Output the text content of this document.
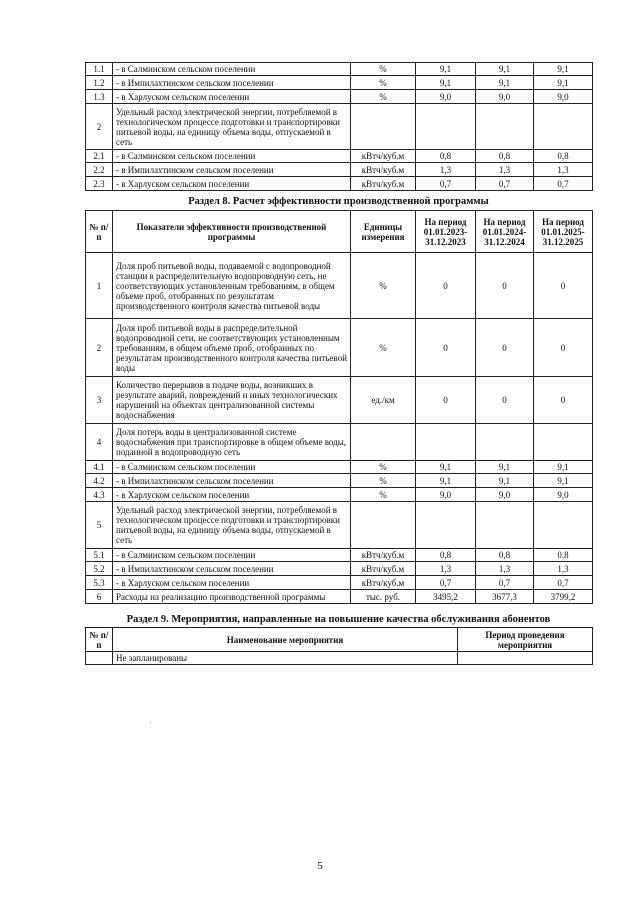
1.1	- в Салминском сельском поселении	%	9,1	9,1	9,1
1.2	- в Импилахтинском сельском поселении	%	9,1	9,1	9,1
1.3	- в Харлуском сельском поселении	%	9,0	9,0	9,0
2	Удельный расход электрической энергии, потребляемой в технологическом процессе подготовки и транспортировки питьевой воды, на единицу объема воды, отпускаемой в сеть				
2.1	- в Салминском сельском поселении	кВтч/куб.м	0,8	0,8	0,8
2.2	- в Импилахтинском сельском поселении	кВтч/куб.м	1,3	1,3	1,3
2.3	- в Харлуском сельском поселении	кВтч/куб.м	0,7	0,7	0,7
Раздел 8. Расчет эффективности производственной программы
№ п/п	Показатели эффективности производственной программы	Единицы измерения	На период 01.01.2023-31.12.2023	На период 01.01.2024-31.12.2024	На период 01.01.2025-31.12.2025
1	Доля проб питьевой воды, подаваемой с водопроводной станции в распределительную водопроводную сеть, не соответствующих установленным требованиям, в общем объеме проб, отобранных по результатам производственного контроля качества питьевой воды	%	0	0	0
2	Доля проб питьевой воды в распределительной водопроводной сети, не соответствующих установленным требованиям, в общем объеме проб, отобранных по результатам производственного контроля качества питьевой воды	%	0	0	0
3	Количество перерывов в подаче воды, возникших в результате аварий, повреждений и иных технологических нарушений на объектах централизованной системы водоснабжения	ед./км	0	0	0
4	Доля потерь воды в централизованной системе водоснабжения при транспортировке в общем объеме воды, поданной в водопроводную сеть				
4.1	- в Салминском сельском поселении	%	9,1	9,1	9,1
4.2	- в Импилахтинском сельском поселении	%	9,1	9,1	9,1
4.3	- в Харлуском сельском поселении	%	9,0	9,0	9,0
5	Удельный расход электрической энергии, потребляемой в технологическом процессе подготовки и транспортировки питьевой воды, на единицу объема воды, отпускаемой в сеть				
5.1	- в Салминском сельском поселении	кВтч/куб.м	0,8	0,8	0,8
5.2	- в Импилахтинском сельском поселении	кВтч/куб.м	1,3	1,3	1,3
5.3	- в Харлуском сельском поселении	кВтч/куб.м	0,7	0,7	0,7
6	Расходы на реализацию производственной программы	тыс. руб.	3495,2	3677,3	3799,2
Раздел 9. Мероприятия, направленные на повышение качества обслуживания абонентов
№ п/п	Наименование мероприятия	Период проведения мероприятия
	Не запланированы	
5
